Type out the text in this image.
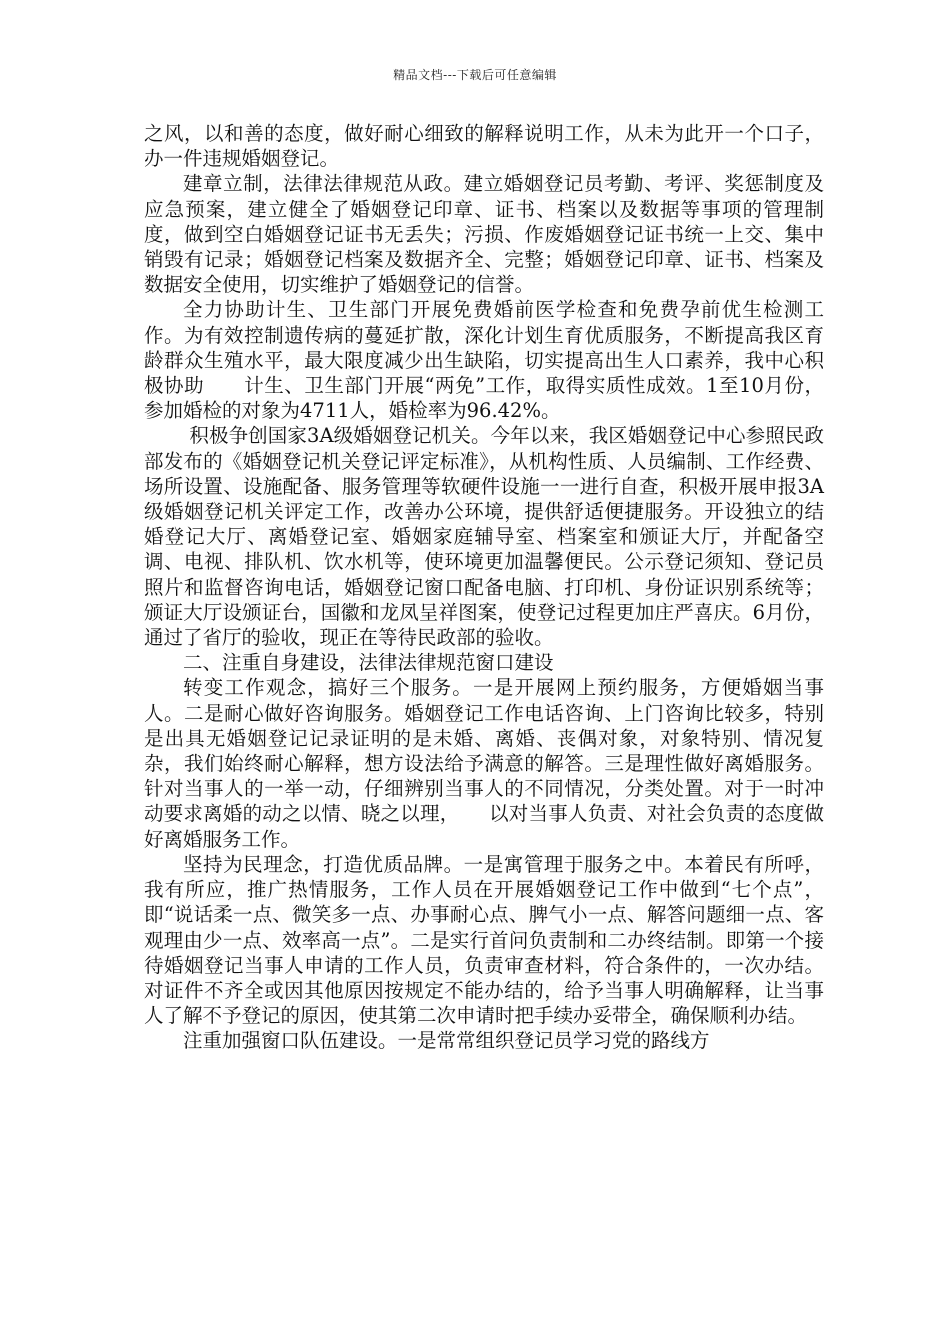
精品文档---下载后可任意编辑

之风，以和善的态度，做好耐心细致的解释说明工作，从未为此开一个口子，办一件违规婚姻登记。

建章立制，法律法律规范从政。建立婚姻登记员考勤、考评、奖惩制度及应急预案，建立健全了婚姻登记印章、证书、档案以及数据等事项的管理制度，做到空白婚姻登记证书无丢失；污损、作废婚姻登记证书统一上交、集中销毁有记录；婚姻登记档案及数据齐全、完整；婚姻登记印章、证书、档案及数据安全使用，切实维护了婚姻登记的信誉。

全力协助计生、卫生部门开展免费婚前医学检查和免费孕前优生检测工作。为有效控制遗传病的蔓延扩散，深化计划生育优质服务，不断提高我区育龄群众生殖水平，最大限度减少出生缺陷，切实提高出生人口素养，我中心积极协助　　计生、卫生部门开展“两免”工作，取得实质性成效。1至10月份，参加婚检的对象为4711人，婚检率为96.42%。

积极争创国家3A级婚姻登记机关。今年以来，我区婚姻登记中心参照民政部发布的《婚姻登记机关登记评定标准》，从机构性质、人员编制、工作经费、场所设置、设施配备、服务管理等软硬件设施一一进行自查，积极开展申报3A级婚姻登记机关评定工作，改善办公环境，提供舒适便捷服务。开设独立的结婚登记大厅、离婚登记室、婚姻家庭辅导室、档案室和颁证大厅，并配备空调、电视、排队机、饮水机等，使环境更加温馨便民。公示登记须知、登记员照片和监督咨询电话，婚姻登记窗口配备电脑、打印机、身份证识别系统等；颁证大厅设颁证台，国徽和龙凤呈祥图案，使登记过程更加庄严喜庆。6月份，通过了省厅的验收，现正在等待民政部的验收。

二、注重自身建设，法律法律规范窗口建设

转变工作观念，搞好三个服务。一是开展网上预约服务，方便婚姻当事人。二是耐心做好咨询服务。婚姻登记工作电话咨询、上门咨询比较多，特别是出具无婚姻登记记录证明的是未婚、离婚、丧偶对象，对象特别、情况复杂，我们始终耐心解释，想方设法给予满意的解答。三是理性做好离婚服务。针对当事人的一举一动，仔细辨别当事人的不同情况，分类处置。对于一时冲动要求离婚的动之以情、晓之以理，　　以对当事人负责、对社会负责的态度做好离婚服务工作。

坚持为民理念，打造优质品牌。一是寓管理于服务之中。本着民有所呼，我有所应，推广热情服务，工作人员在开展婚姻登记工作中做到“七个点”，即“说话柔一点、微笑多一点、办事耐心点、脾气小一点、解答问题细一点、客观理由少一点、效率高一点”。二是实行首问负责制和二办终结制。即第一个接待婚姻登记当事人申请的工作人员，负责审查材料，符合条件的，一次办结。对证件不齐全或因其他原因按规定不能办结的，给予当事人明确解释，让当事人了解不予登记的原因，使其第二次申请时把手续办妥带全，确保顺利办结。

注重加强窗口队伍建设。一是常常组织登记员学习党的路线方
